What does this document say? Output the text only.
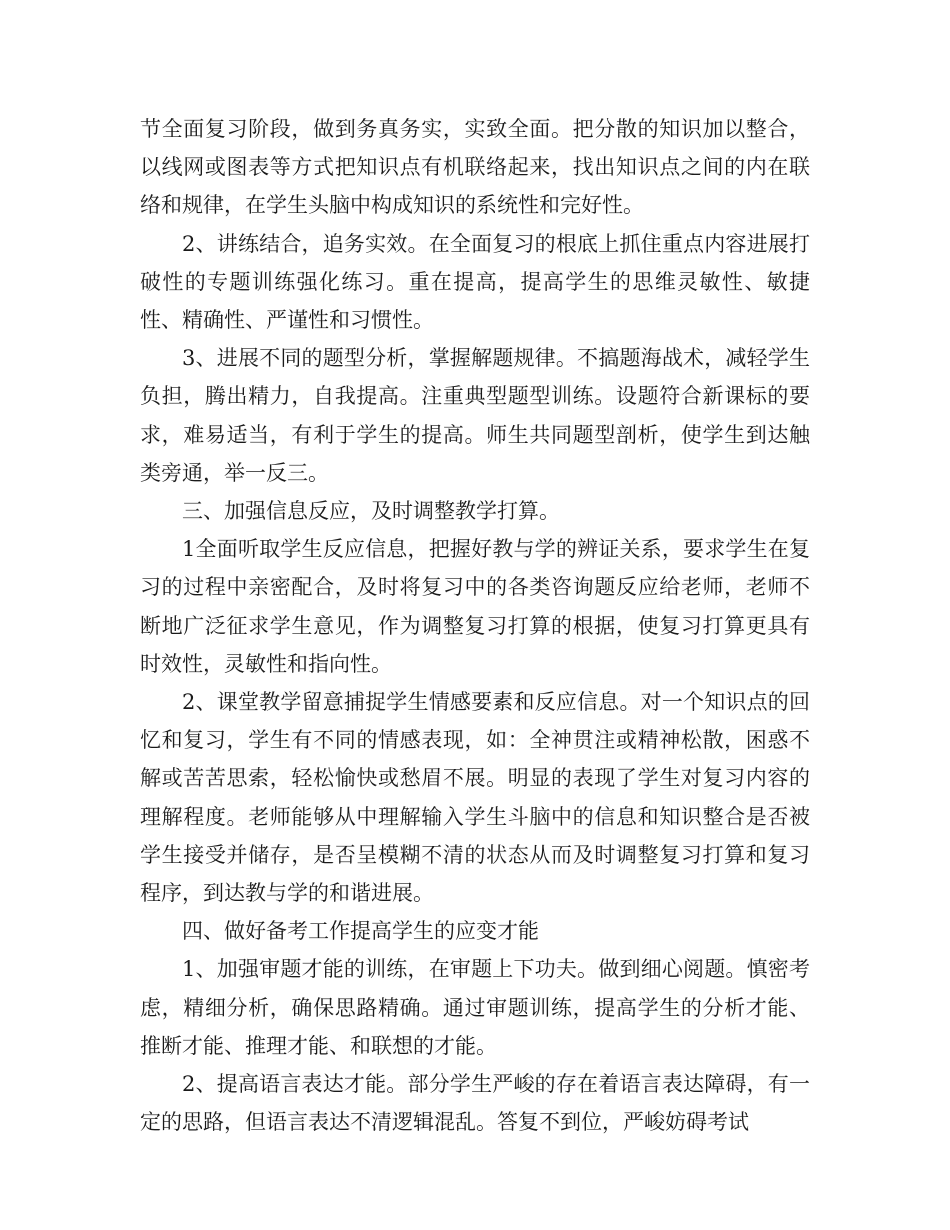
节全面复习阶段，做到务真务实，实致全面。把分散的知识加以整合，以线网或图表等方式把知识点有机联络起来，找出知识点之间的内在联络和规律，在学生头脑中构成知识的系统性和完好性。

2、讲练结合，追务实效。在全面复习的根底上抓住重点内容进展打破性的专题训练强化练习。重在提高，提高学生的思维灵敏性、敏捷性、精确性、严谨性和习惯性。

3、进展不同的题型分析，掌握解题规律。不搞题海战术，减轻学生负担，腾出精力，自我提高。注重典型题型训练。设题符合新课标的要求，难易适当，有利于学生的提高。师生共同题型剖析，使学生到达触类旁通，举一反三。

三、加强信息反应，及时调整教学打算。

1全面听取学生反应信息，把握好教与学的辨证关系，要求学生在复习的过程中亲密配合，及时将复习中的各类咨询题反应给老师，老师不断地广泛征求学生意见，作为调整复习打算的根据，使复习打算更具有时效性，灵敏性和指向性。

2、课堂教学留意捕捉学生情感要素和反应信息。对一个知识点的回忆和复习，学生有不同的情感表现，如：全神贯注或精神松散，困惑不解或苦苦思索，轻松愉快或愁眉不展。明显的表现了学生对复习内容的理解程度。老师能够从中理解输入学生斗脑中的信息和知识整合是否被学生接受并储存，是否呈模糊不清的状态从而及时调整复习打算和复习程序，到达教与学的和谐进展。

四、做好备考工作提高学生的应变才能

1、加强审题才能的训练，在审题上下功夫。做到细心阅题。慎密考虑，精细分析，确保思路精确。通过审题训练，提高学生的分析才能、推断才能、推理才能、和联想的才能。

2、提高语言表达才能。部分学生严峻的存在着语言表达障碍，有一定的思路，但语言表达不清逻辑混乱。答复不到位，严峻妨碍考试
